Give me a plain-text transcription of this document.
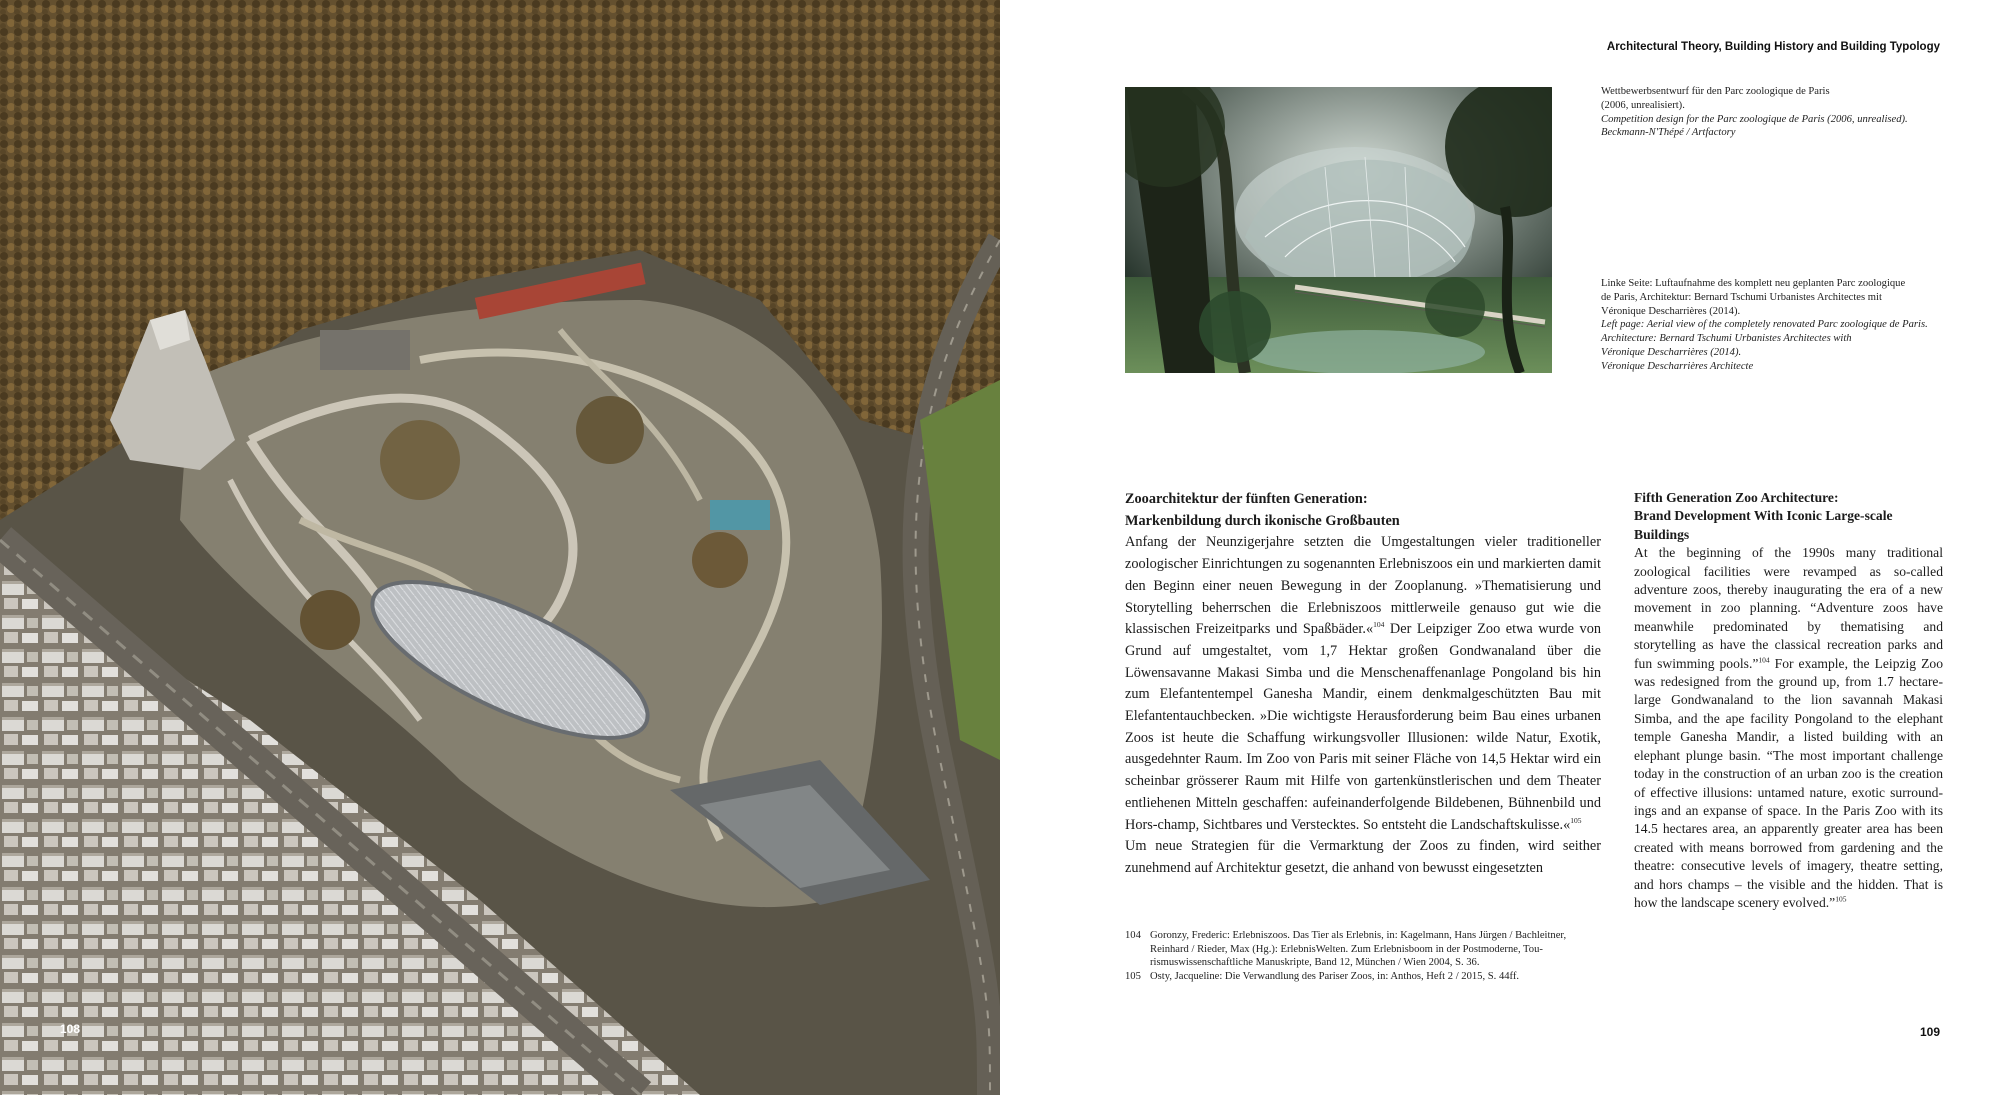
108
Architectural Theory, Building History and Building Typology
Wettbewerbsentwurf für den Parc zoologique de Paris
(2006, unrealisiert).
Competition design for the Parc zoologique de Paris (2006, unrealised).
Beckmann-N'Thépé / Artfactory
Linke Seite: Luftaufnahme des komplett neu geplanten Parc zoologique
de Paris, Architektur: Bernard Tschumi Urbanistes Architectes mit
Véronique Descharrières (2014).
Left page: Aerial view of the completely renovated Parc zoologique de Paris.
Architecture: Bernard Tschumi Urbanistes Architectes with
Véronique Descharrières (2014).
Véronique Descharrières Architecte
Zooarchitektur der fünften Generation:
Markenbildung durch ikonische Großbauten

Anfang der Neunzigerjahre setzten die Umgestaltungen vieler traditioneller zoologischer Einrichtungen zu sogenannten Erlebniszoos ein und markierten damit den Beginn einer neuen Bewegung in der Zooplanung. »Thematisierung und Storytelling beherrschen die Erlebniszoos mittlerweile genauso gut wie die klassischen Freizeitparks und Spaßbäder.«$^{104}$ Der Leipziger Zoo etwa wurde von Grund auf umgestaltet, vom 1,7 Hektar großen Gondwanaland über die Löwensavanne Makasi Simba und die Menschenaffenanlage Pongoland bis hin zum Elefantentempel Ganesha Mandir, einem denkmalgeschützten Bau mit Elefantentauchbecken. »Die wichtigste Herausforderung beim Bau eines urbanen Zoos ist heute die Schaffung wirkungsvoller Illusionen: wilde Natur, Exotik, ausgedehnter Raum. Im Zoo von Paris mit seiner Fläche von 14,5 Hektar wird ein scheinbar grösserer Raum mit Hilfe von gartenkünstlerischen und dem Theater entliehenen Mitteln geschaffen: aufeinanderfolgende Bildebenen, Bühnenbild und Hors-champ, Sichtbares und Verstecktes. So entsteht die Landschaftskulisse.«$^{105}$

Um neue Strategien für die Vermarktung der Zoos zu finden, wird seither zunehmend auf Architektur gesetzt, die anhand von bewusst eingesetzten

Fifth Generation Zoo Architecture:
Brand Development With Iconic Large-scale Buildings

At the beginning of the 1990s many traditional zoological facilities were revamped as so-called adventure zoos, thereby inaugurating the era of a new movement in zoo planning. “Adventure zoos have meanwhile predominated by thematising and storytelling as have the classical recreation parks and fun swimming pools.”$^{104}$ For example, the Leipzig Zoo was redesigned from the ground up, from 1.7 hectare-large Gondwanaland to the lion savannah Makasi Simba, and the ape facility Pongoland to the elephant temple Ganesha Mandir, a listed building with an elephant plunge basin. “The most important challenge today in the construction of an urban zoo is the creation of effective illusions: untamed nature, exotic surroundings and an expanse of space. In the Paris Zoo with its 14.5 hectares area, an apparently greater area has been created with means borrowed from gardening and the theatre: consecutive levels of imagery, theatre setting, and hors champs – the visible and the hidden. That is how the landscape scenery evolved.”$^{105}$

104 Goronzy, Frederic: Erlebniszoos. Das Tier als Erlebnis, in: Kagelmann, Hans Jürgen / Bachleitner, Reinhard / Rieder, Max (Hg.): ErlebnisWelten. Zum Erlebnisboom in der Postmoderne, Tourismuswissenschaftliche Manuskripte, Band 12, München / Wien 2004, S. 36.
105 Osty, Jacqueline: Die Verwandlung des Pariser Zoos, in: Anthos, Heft 2 / 2015, S. 44ff.
109
